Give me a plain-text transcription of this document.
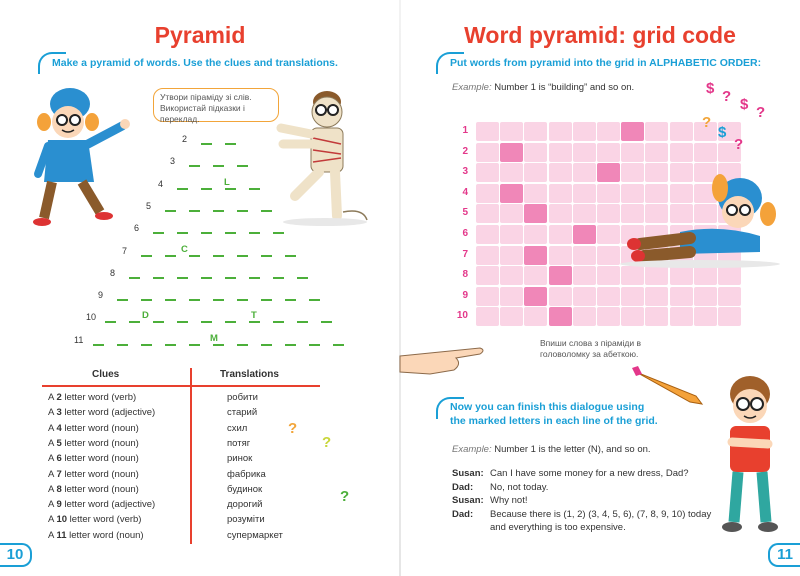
Pyramid
Make a pyramid of words. Use the clues and translations.
Утвори піраміду зі слів. Використай підказки і переклад.
2
3
4
5
6
7
8
9
10
11
L
C
D	T
M
Clues	Translations
A 2 letter word (verb)
A 3 letter word (adjective)
A 4 letter word (noun)
A 5 letter word (noun)
A 6 letter word (noun)
A 7 letter word (noun)
A 8 letter word (noun)
A 9 letter word (adjective)
A 10 letter word (verb)
A 11 letter word (noun)
робити
старий
схил
потяг
ринок
фабрика
будинок
дорогий
розуміти
супермаркет
?
?
?
10
Word pyramid: grid code
Put words from pyramid into the grid in ALPHABETIC ORDER:
Example: Number 1 is “building” and so on.
1
2
3
4
5
6
7
8
9
10
$ ? $ ?
?
$
?
Впиши слова з піраміди в головоломку за абеткою.
Now you can finish this dialogue using
the marked letters in each line of the grid.
Example: Number 1 is the letter (N), and so on.
Susan: Can I have some money for a new dress, Dad?
Dad: No, not today.
Susan: Why not!
Dad: Because there is (1, 2) (3, 4, 5, 6), (7, 8, 9, 10) today
and everything is too expensive.
11
